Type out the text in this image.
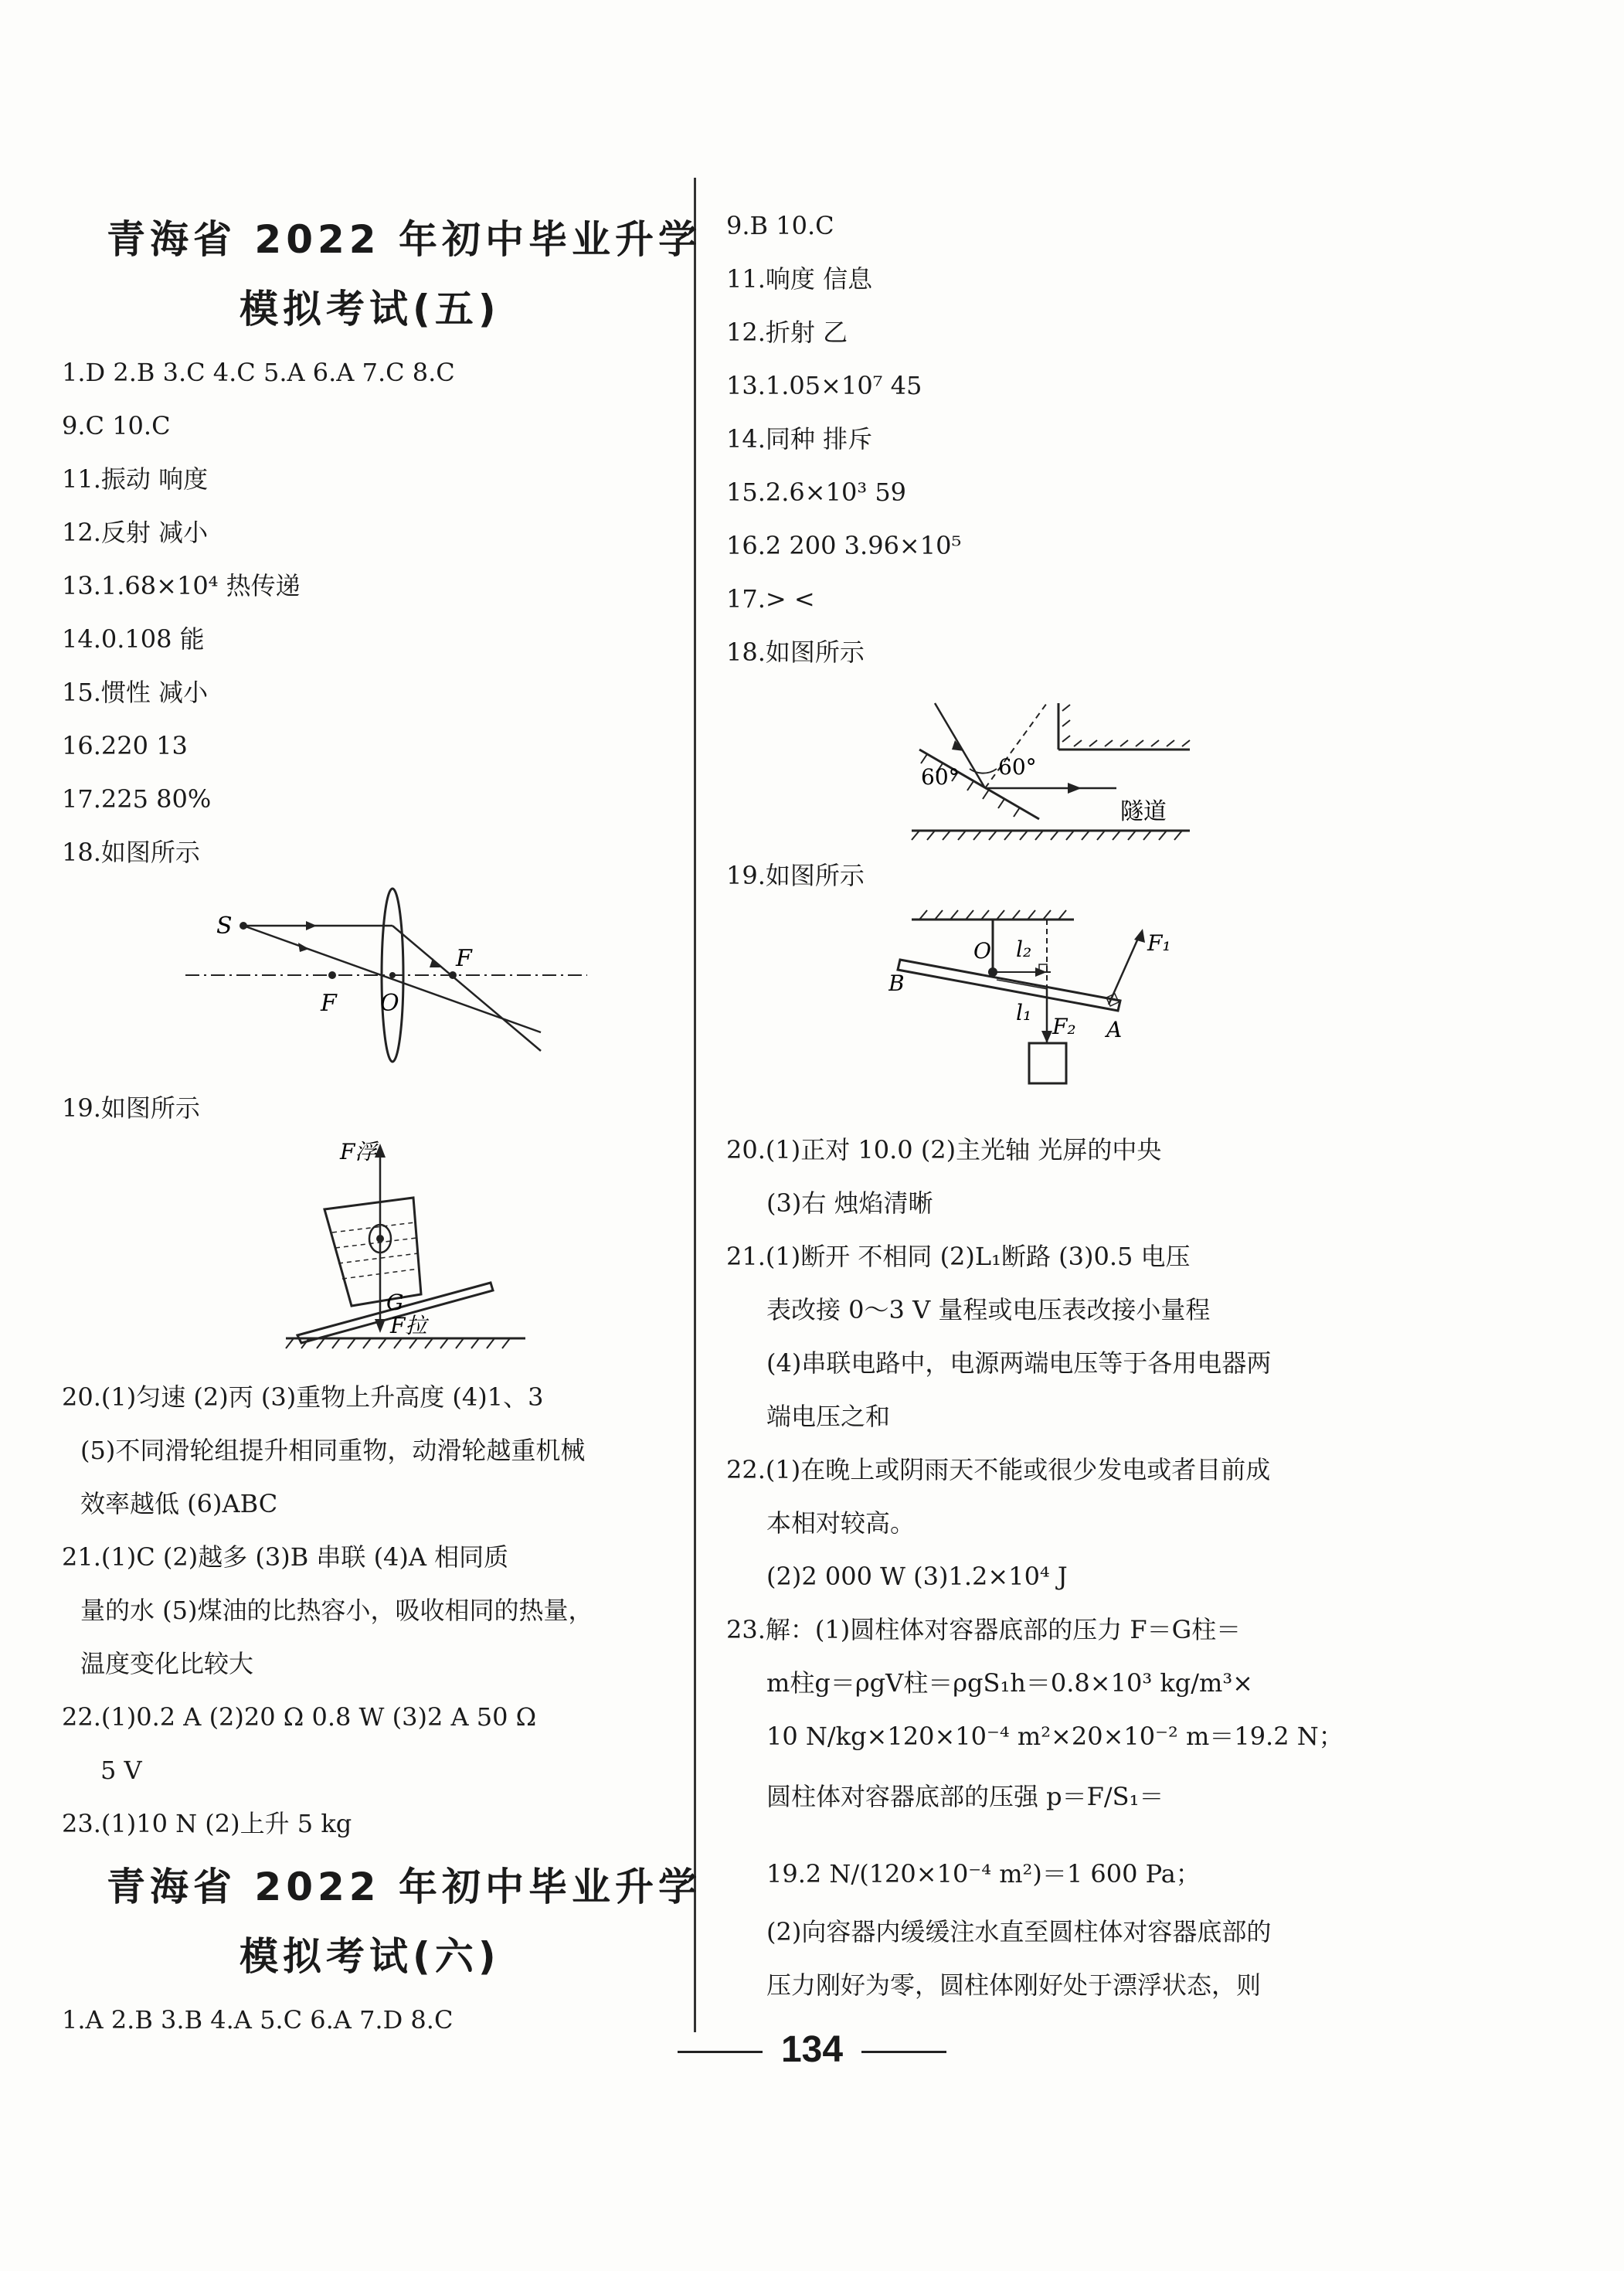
青海省 2022 年初中毕业升学
模拟考试(五)
1.D 2.B 3.C 4.C 5.A 6.A 7.C 8.C
9.C 10.C
11.振动 响度
12.反射 减小
13.1.68×10⁴ 热传递
14.0.108 能
15.惯性 减小
16.220 13
17.225 80%
18.如图所示
S
F
F O
19.如图所示
F浮
G
F拉
20.(1)匀速 (2)丙 (3)重物上升高度 (4)1、3
(5)不同滑轮组提升相同重物，动滑轮越重机械
效率越低 (6)ABC
21.(1)C (2)越多 (3)B 串联 (4)A 相同质
量的水 (5)煤油的比热容小，吸收相同的热量，
温度变化比较大
22.(1)0.2 A (2)20 Ω 0.8 W (3)2 A 50 Ω
5 V
23.(1)10 N (2)上升 5 kg
青海省 2022 年初中毕业升学
模拟考试(六)
1.A 2.B 3.B 4.A 5.C 6.A 7.D 8.C
9.B 10.C
11.响度 信息
12.折射 乙
13.1.05×10⁷ 45
14.同种 排斥
15.2.6×10³ 59
16.2 200 3.96×10⁵
17.> <
18.如图所示
60° 60°
隧道
19.如图所示
O l₂	F₁
B
l₁
F₂ A
20.(1)正对 10.0 (2)主光轴 光屏的中央
(3)右 烛焰清晰
21.(1)断开 不相同 (2)L₁断路 (3)0.5 电压
表改接 0～3 V 量程或电压表改接小量程
(4)串联电路中，电源两端电压等于各用电器两
端电压之和
22.(1)在晚上或阴雨天不能或很少发电或者目前成
本相对较高。
(2)2 000 W (3)1.2×10⁴ J
23.解：(1)圆柱体对容器底部的压力 F＝G柱＝
m柱g＝ρgV柱＝ρgS₁h＝0.8×10³ kg/m³×
10 N/kg×120×10⁻⁴ m²×20×10⁻² m＝19.2 N；
圆柱体对容器底部的压强 p＝F/S₁＝
19.2 N/(120×10⁻⁴ m²)＝1 600 Pa；
(2)向容器内缓缓注水直至圆柱体对容器底部的
压力刚好为零，圆柱体刚好处于漂浮状态，则
134
